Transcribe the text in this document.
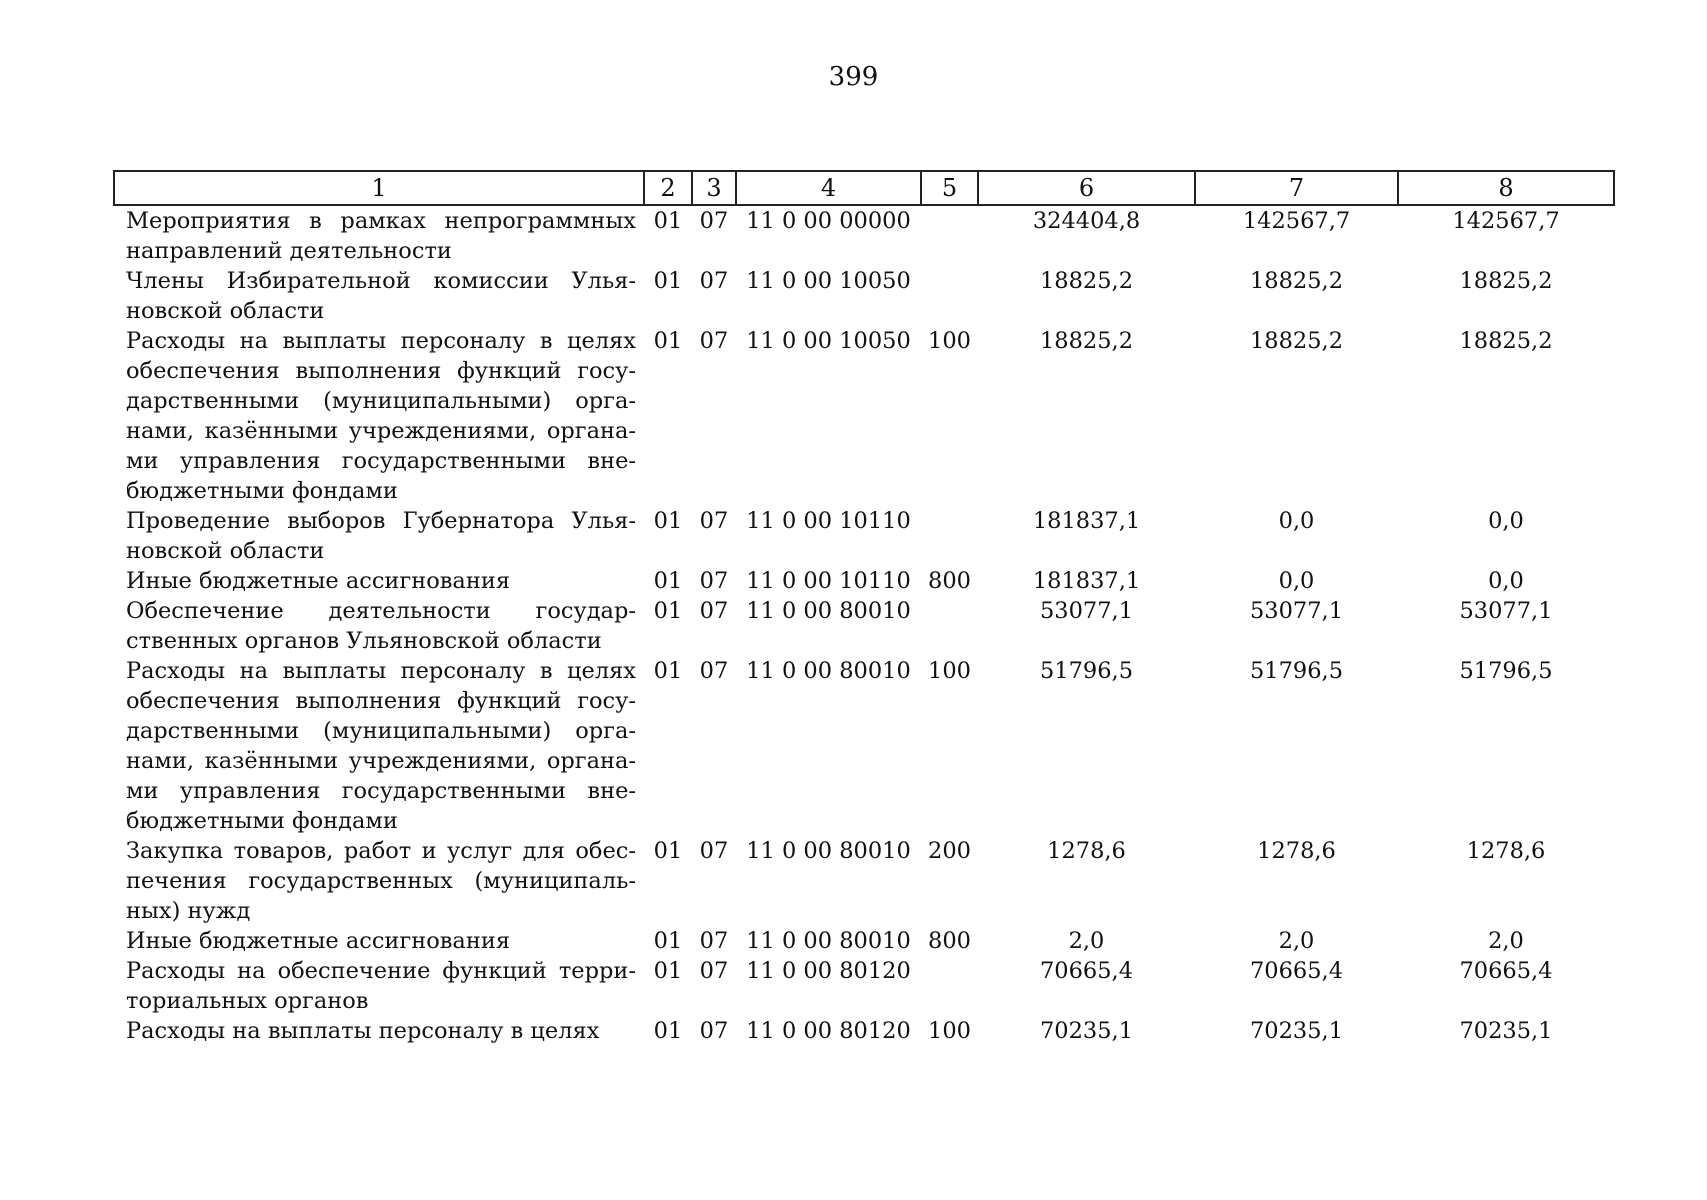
399
1	2	3	4	5	6	7	8
Мероприятия в рамках непрограммных направлений деятельности	01	07	11 0 00 00000		324404,8	142567,7	142567,7
Члены Избирательной комиссии Ульяновской области	01	07	11 0 00 10050		18825,2	18825,2	18825,2
Расходы на выплаты персоналу в целях обеспечения выполнения функций государственными (муниципальными) органами, казёнными учреждениями, органами управления государственными внебюджетными фондами	01	07	11 0 00 10050	100	18825,2	18825,2	18825,2
Проведение выборов Губернатора Ульяновской области	01	07	11 0 00 10110		181837,1	0,0	0,0
Иные бюджетные ассигнования	01	07	11 0 00 10110	800	181837,1	0,0	0,0
Обеспечение деятельности государственных органов Ульяновской области	01	07	11 0 00 80010		53077,1	53077,1	53077,1
Расходы на выплаты персоналу в целях обеспечения выполнения функций государственными (муниципальными) органами, казёнными учреждениями, органами управления государственными внебюджетными фондами	01	07	11 0 00 80010	100	51796,5	51796,5	51796,5
Закупка товаров, работ и услуг для обеспечения государственных (муниципальных) нужд	01	07	11 0 00 80010	200	1278,6	1278,6	1278,6
Иные бюджетные ассигнования	01	07	11 0 00 80010	800	2,0	2,0	2,0
Расходы на обеспечение функций территориальных органов	01	07	11 0 00 80120		70665,4	70665,4	70665,4
Расходы на выплаты персоналу в целях	01	07	11 0 00 80120	100	70235,1	70235,1	70235,1
